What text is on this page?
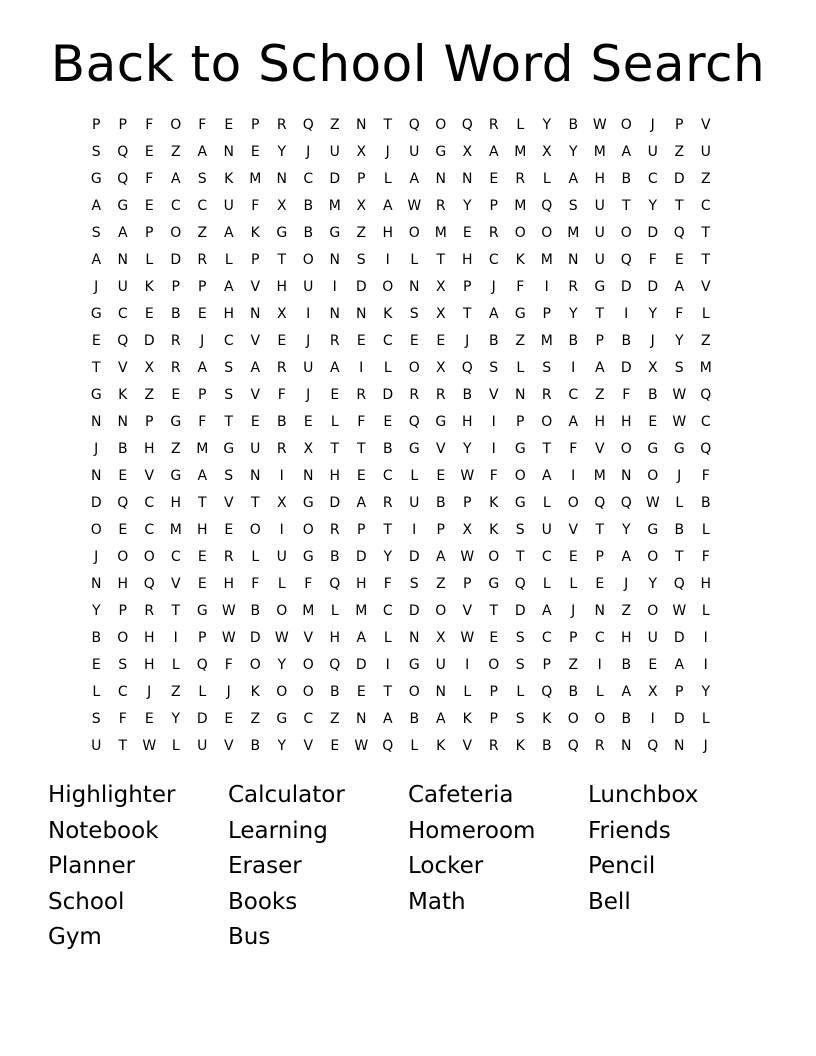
Back to School Word Search
P	P	F	O	F	E	P	R	Q	Z	N	T	Q	O	Q	R	L	Y	B	W	O	J	P	V
S	Q	E	Z	A	N	E	Y	J	U	X	J	U	G	X	A	M	X	Y	M	A	U	Z	U
G	Q	F	A	S	K	M	N	C	D	P	L	A	N	N	E	R	L	A	H	B	C	D	Z
A	G	E	C	C	U	F	X	B	M	X	A	W	R	Y	P	M	Q	S	U	T	Y	T	C
S	A	P	O	Z	A	K	G	B	G	Z	H	O	M	E	R	O	O	M	U	O	D	Q	T
A	N	L	D	R	L	P	T	O	N	S	I	L	T	H	C	K	M	N	U	Q	F	E	T
J	U	K	P	P	A	V	H	U	I	D	O	N	X	P	J	F	I	R	G	D	D	A	V
G	C	E	B	E	H	N	X	I	N	N	K	S	X	T	A	G	P	Y	T	I	Y	F	L
E	Q	D	R	J	C	V	E	J	R	E	C	E	E	J	B	Z	M	B	P	B	J	Y	Z
T	V	X	R	A	S	A	R	U	A	I	L	O	X	Q	S	L	S	I	A	D	X	S	M
G	K	Z	E	P	S	V	F	J	E	R	D	R	R	B	V	N	R	C	Z	F	B	W	Q
N	N	P	G	F	T	E	B	E	L	F	E	Q	G	H	I	P	O	A	H	H	E	W	C
J	B	H	Z	M	G	U	R	X	T	T	B	G	V	Y	I	G	T	F	V	O	G	G	Q
N	E	V	G	A	S	N	I	N	H	E	C	L	E	W	F	O	A	I	M	N	O	J	F
D	Q	C	H	T	V	T	X	G	D	A	R	U	B	P	K	G	L	O	Q	Q	W	L	B
O	E	C	M	H	E	O	I	O	R	P	T	I	P	X	K	S	U	V	T	Y	G	B	L
J	O	O	C	E	R	L	U	G	B	D	Y	D	A	W	O	T	C	E	P	A	O	T	F
N	H	Q	V	E	H	F	L	F	Q	H	F	S	Z	P	G	Q	L	L	E	J	Y	Q	H
Y	P	R	T	G	W	B	O	M	L	M	C	D	O	V	T	D	A	J	N	Z	O	W	L
B	O	H	I	P	W	D	W	V	H	A	L	N	X	W	E	S	C	P	C	H	U	D	I
E	S	H	L	Q	F	O	Y	O	Q	D	I	G	U	I	O	S	P	Z	I	B	E	A	I
L	C	J	Z	L	J	K	O	O	B	E	T	O	N	L	P	L	Q	B	L	A	X	P	Y
S	F	E	Y	D	E	Z	G	C	Z	N	A	B	A	K	P	S	K	O	O	B	I	D	L
U	T	W	L	U	V	B	Y	V	E	W	Q	L	K	V	R	K	B	Q	R	N	Q	N	J
Highlighter	Calculator	Cafeteria	Lunchbox
Notebook	Learning	Homeroom	Friends
Planner	Eraser	Locker	Pencil
School	Books	Math	Bell
Gym	Bus
